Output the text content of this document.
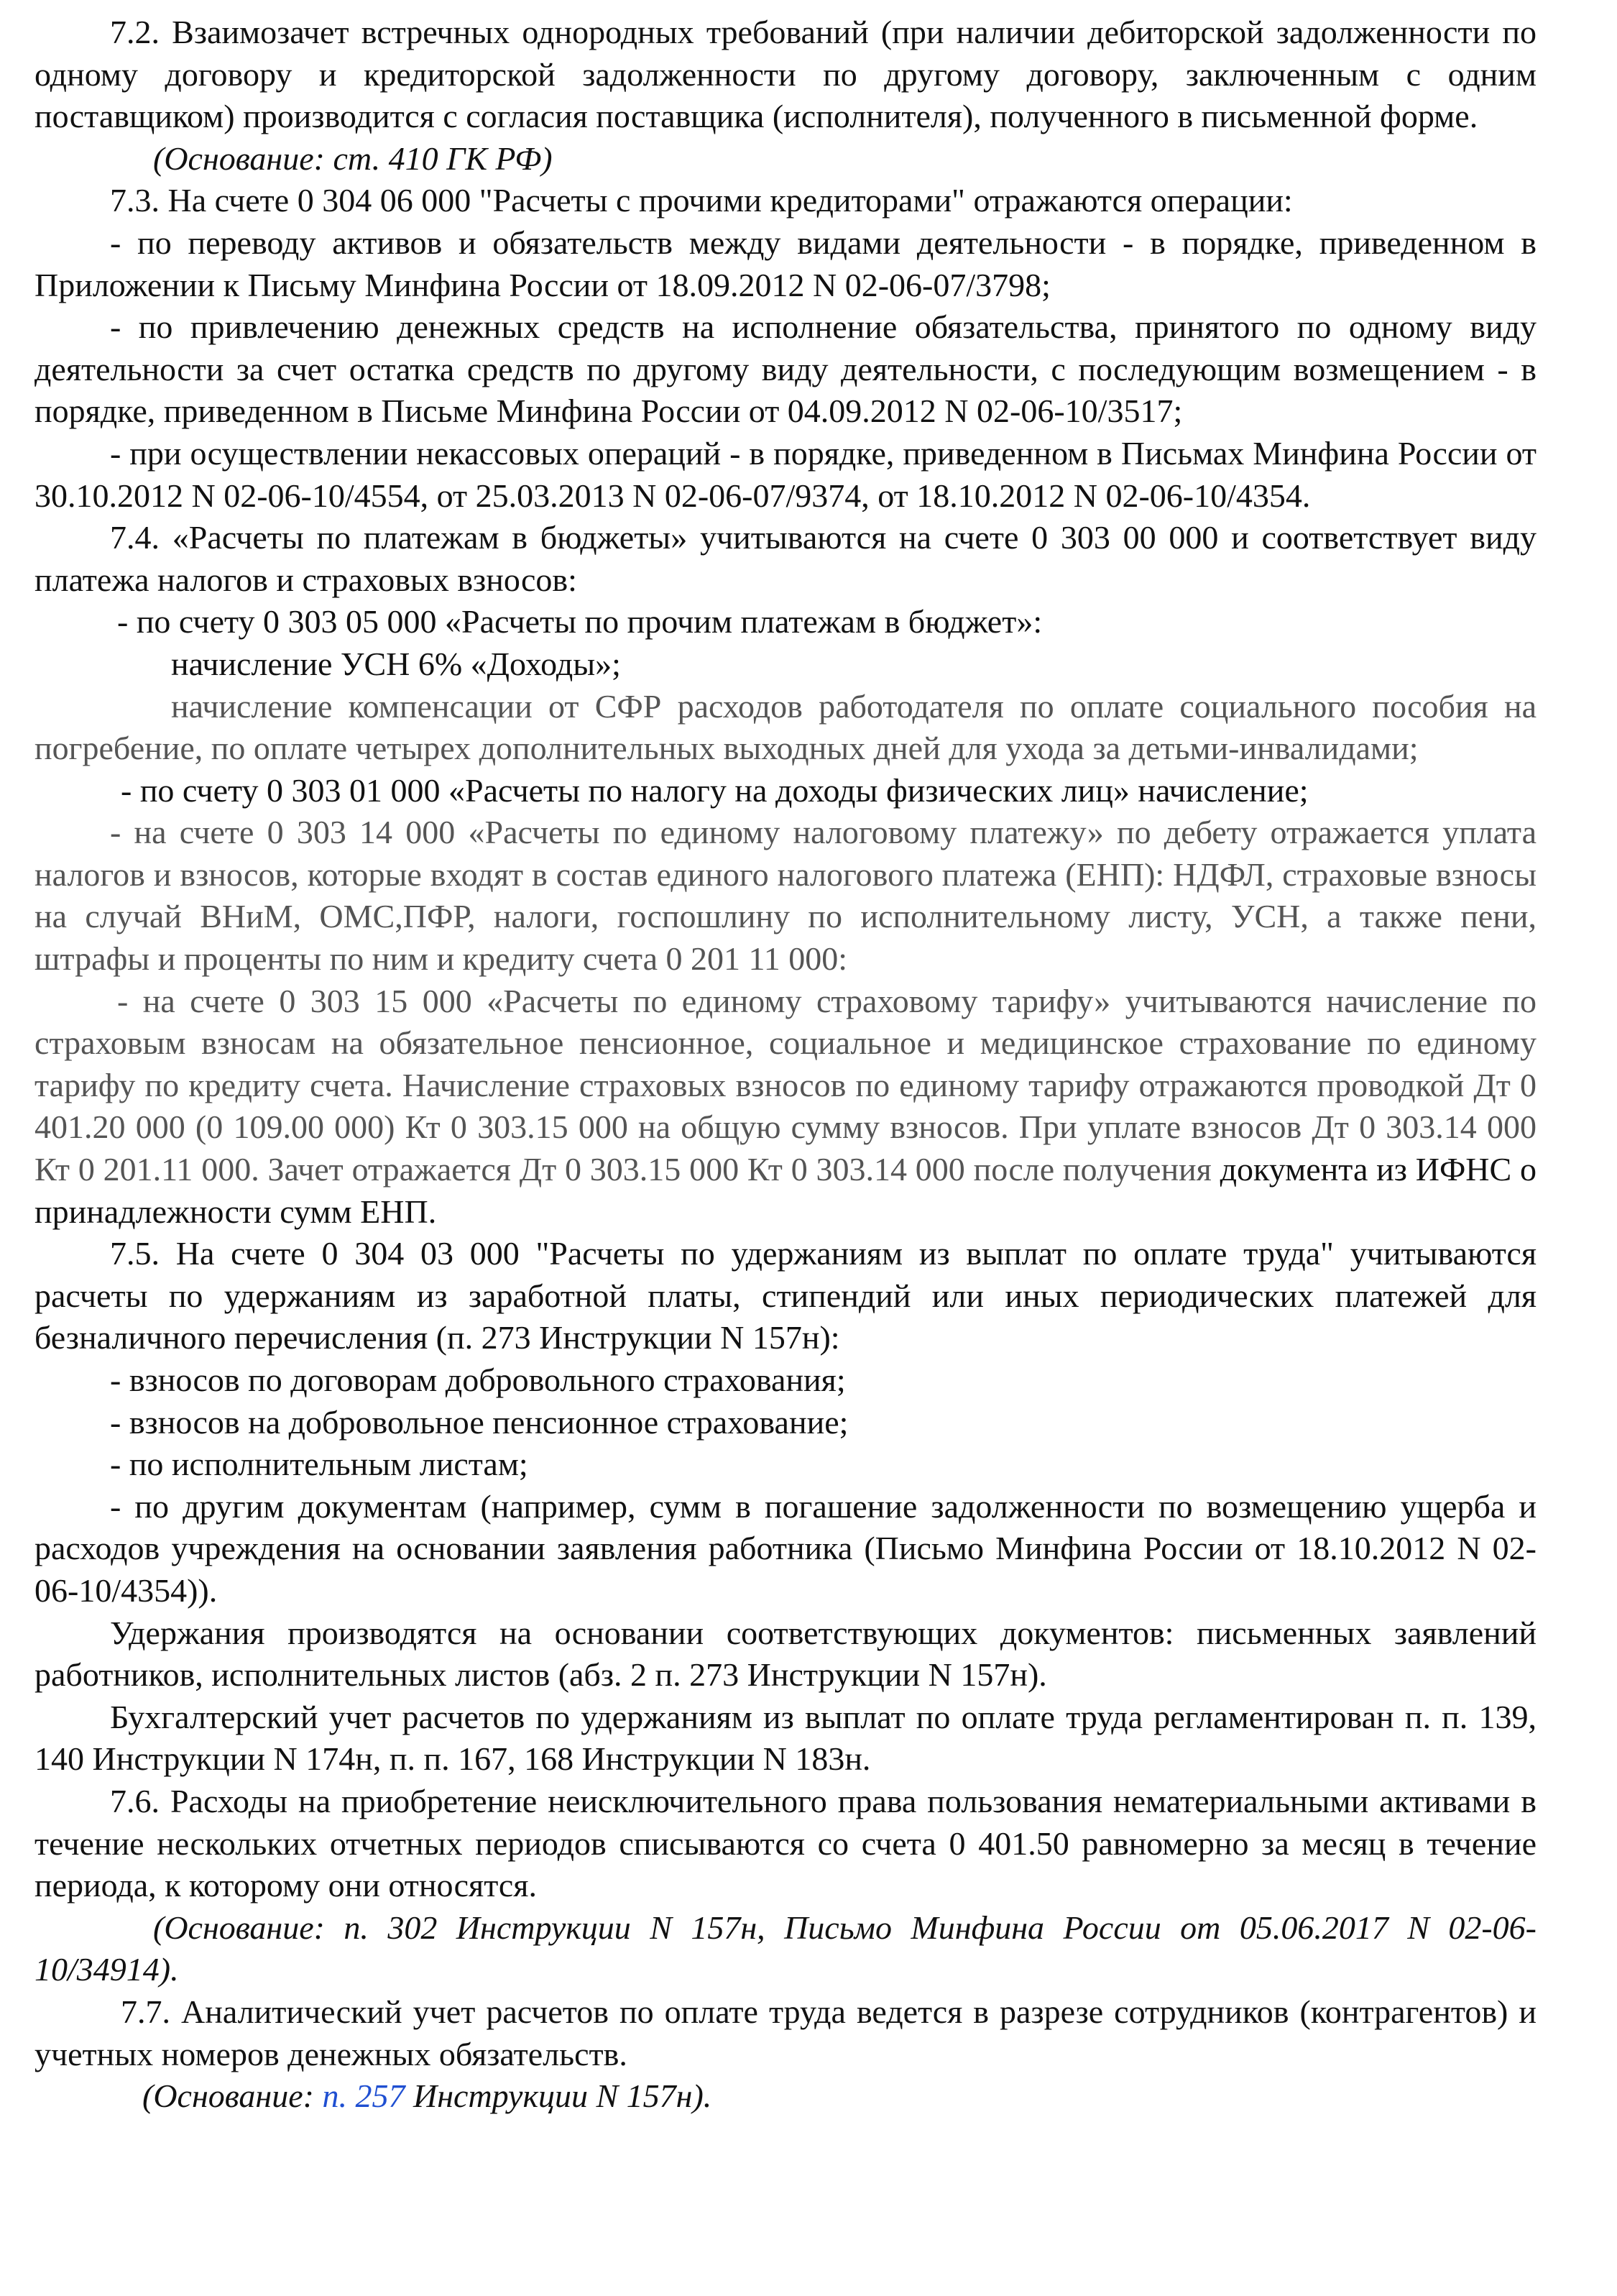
7.2. Взаимозачет встречных однородных требований (при наличии дебиторской задолженности по одному договору и кредиторской задолженности по другому договору, заключенным с одним поставщиком) производится с согласия поставщика (исполнителя), полученного в письменной форме.

(Основание: ст. 410 ГК РФ)

7.3. На счете 0 304 06 000 "Расчеты с прочими кредиторами" отражаются операции:

- по переводу активов и обязательств между видами деятельности - в порядке, приведенном в Приложении к Письму Минфина России от 18.09.2012 N 02-06-07/3798;

- по привлечению денежных средств на исполнение обязательства, принятого по одному виду деятельности за счет остатка средств по другому виду деятельности, с последующим возмещением - в порядке, приведенном в Письме Минфина России от 04.09.2012 N 02-06-10/3517;

- при осуществлении некассовых операций - в порядке, приведенном в Письмах Минфина России от 30.10.2012 N 02-06-10/4554, от 25.03.2013 N 02-06-07/9374, от 18.10.2012 N 02-06-10/4354.

7.4. «Расчеты по платежам в бюджеты» учитываются на счете 0 303 00 000 и соответствует виду платежа налогов и страховых взносов:

- по счету 0 303 05 000 «Расчеты по прочим платежам в бюджет»:

начисление УСН 6% «Доходы»;

начисление компенсации от СФР расходов работодателя по оплате социального пособия на погребение, по оплате четырех дополнительных выходных дней для ухода за детьми-инвалидами;

- по счету 0 303 01 000 «Расчеты по налогу на доходы физических лиц» начисление;

- на счете 0 303 14 000 «Расчеты по единому налоговому платежу» по дебету отражается уплата налогов и взносов, которые входят в состав единого налогового платежа (ЕНП): НДФЛ, страховые взносы на случай ВНиМ, ОМС,ПФР, налоги, госпошлину по исполнительному листу, УСН, а также пени, штрафы и проценты по ним и кредиту счета 0 201 11 000:

- на счете 0 303 15 000 «Расчеты по единому страховому тарифу» учитываются начисление по страховым взносам на обязательное пенсионное, социальное и медицинское страхование по единому тарифу по кредиту счета. Начисление страховых взносов по единому тарифу отражаются проводкой Дт 0 401.20 000 (0 109.00 000) Кт 0 303.15 000 на общую сумму взносов. При уплате взносов Дт 0 303.14 000 Кт 0 201.11 000. Зачет отражается Дт 0 303.15 000 Кт 0 303.14 000 после получения документа из ИФНС о принадлежности сумм ЕНП.

7.5. На счете 0 304 03 000 "Расчеты по удержаниям из выплат по оплате труда" учитываются расчеты по удержаниям из заработной платы, стипендий или иных периодических платежей для безналичного перечисления (п. 273 Инструкции N 157н):

- взносов по договорам добровольного страхования;

- взносов на добровольное пенсионное страхование;

- по исполнительным листам;

- по другим документам (например, сумм в погашение задолженности по возмещению ущерба и расходов учреждения на основании заявления работника (Письмо Минфина России от 18.10.2012 N 02-06-10/4354)).

Удержания производятся на основании соответствующих документов: письменных заявлений работников, исполнительных листов (абз. 2 п. 273 Инструкции N 157н).

Бухгалтерский учет расчетов по удержаниям из выплат по оплате труда регламентирован п. п. 139, 140 Инструкции N 174н, п. п. 167, 168 Инструкции N 183н.

7.6. Расходы на приобретение неисключительного права пользования нематериальными активами в течение нескольких отчетных периодов списываются со счета 0 401.50 равномерно за месяц в течение периода, к которому они относятся.

(Основание: п. 302 Инструкции N 157н, Письмо Минфина России от 05.06.2017 N 02-06-10/34914).

7.7. Аналитический учет расчетов по оплате труда ведется в разрезе сотрудников (контрагентов) и учетных номеров денежных обязательств.

(Основание: п. 257 Инструкции N 157н).
